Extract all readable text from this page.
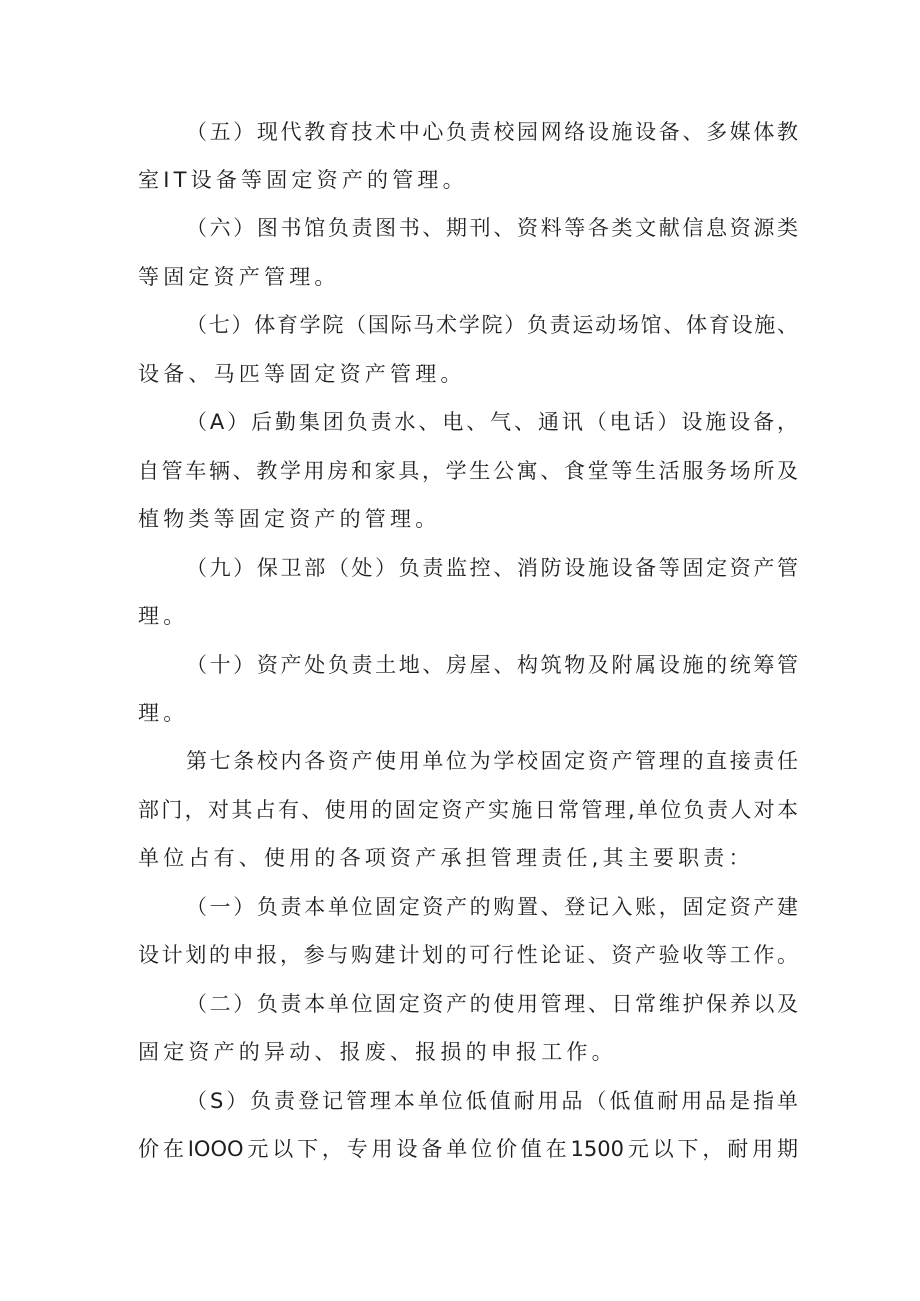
（五）现代教育技术中心负责校园网络设施设备、多媒体教
室IT设备等固定资产的管理。
（六）图书馆负责图书、期刊、资料等各类文献信息资源类
等固定资产管理。
（七）体育学院（国际马术学院）负责运动场馆、体育设施、
设备、马匹等固定资产管理。
（A）后勤集团负责水、电、气、通讯（电话）设施设备，
自管车辆、教学用房和家具，学生公寓、食堂等生活服务场所及
植物类等固定资产的管理。
（九）保卫部（处）负责监控、消防设施设备等固定资产管
理。
（十）资产处负责土地、房屋、构筑物及附属设施的统筹管
理。
第七条校内各资产使用单位为学校固定资产管理的直接责任
部门，对其占有、使用的固定资产实施日常管理,单位负责人对本
单位占有、使用的各项资产承担管理责任,其主要职责：
（一）负责本单位固定资产的购置、登记入账，固定资产建
设计划的申报，参与购建计划的可行性论证、资产验收等工作。
（二）负责本单位固定资产的使用管理、日常维护保养以及
固定资产的异动、报废、报损的申报工作。
（S）负责登记管理本单位低值耐用品（低值耐用品是指单
价在IOOO元以下，专用设备单位价值在1500元以下，耐用期
